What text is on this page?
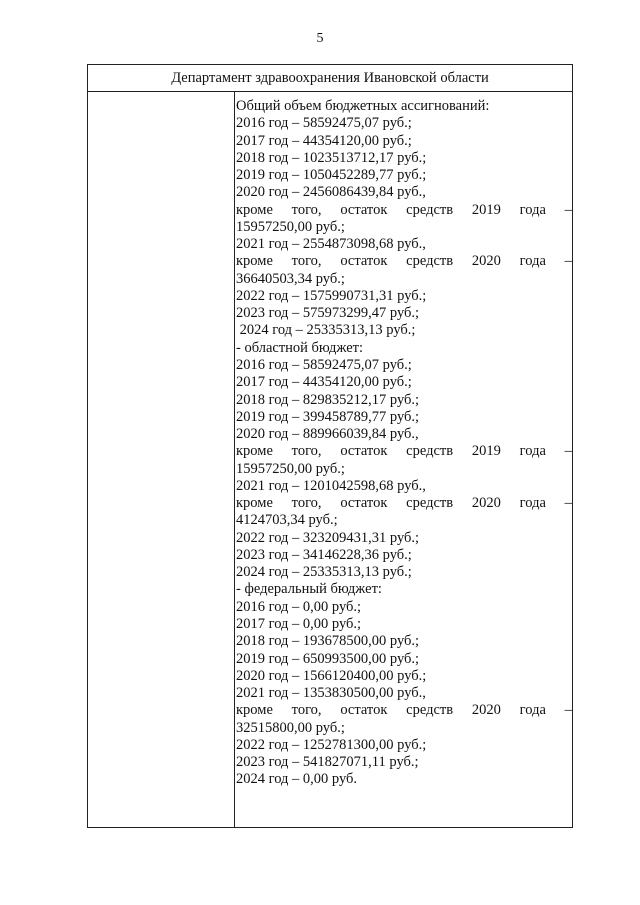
5
Департамент здравоохранения Ивановской области
Общий объем бюджетных ассигнований:
2016 год – 58592475,07 руб.;
2017 год – 44354120,00 руб.;
2018 год – 1023513712,17 руб.;
2019 год – 1050452289,77 руб.;
2020 год – 2456086439,84 руб.,
кроме того, остаток средств 2019 года –
15957250,00 руб.;
2021 год – 2554873098,68 руб.,
кроме того, остаток средств 2020 года –
36640503,34 руб.;
2022 год – 1575990731,31 руб.;
2023 год – 575973299,47 руб.;
2024 год – 25335313,13 руб.;
- областной бюджет:
2016 год – 58592475,07 руб.;
2017 год – 44354120,00 руб.;
2018 год – 829835212,17 руб.;
2019 год – 399458789,77 руб.;
2020 год – 889966039,84 руб.,
кроме того, остаток средств 2019 года –
15957250,00 руб.;
2021 год – 1201042598,68 руб.,
кроме того, остаток средств 2020 года –
4124703,34 руб.;
2022 год – 323209431,31 руб.;
2023 год – 34146228,36 руб.;
2024 год – 25335313,13 руб.;
- федеральный бюджет:
2016 год – 0,00 руб.;
2017 год – 0,00 руб.;
2018 год – 193678500,00 руб.;
2019 год – 650993500,00 руб.;
2020 год – 1566120400,00 руб.;
2021 год – 1353830500,00 руб.,
кроме того, остаток средств 2020 года –
32515800,00 руб.;
2022 год – 1252781300,00 руб.;
2023 год – 541827071,11 руб.;
2024 год – 0,00 руб.
